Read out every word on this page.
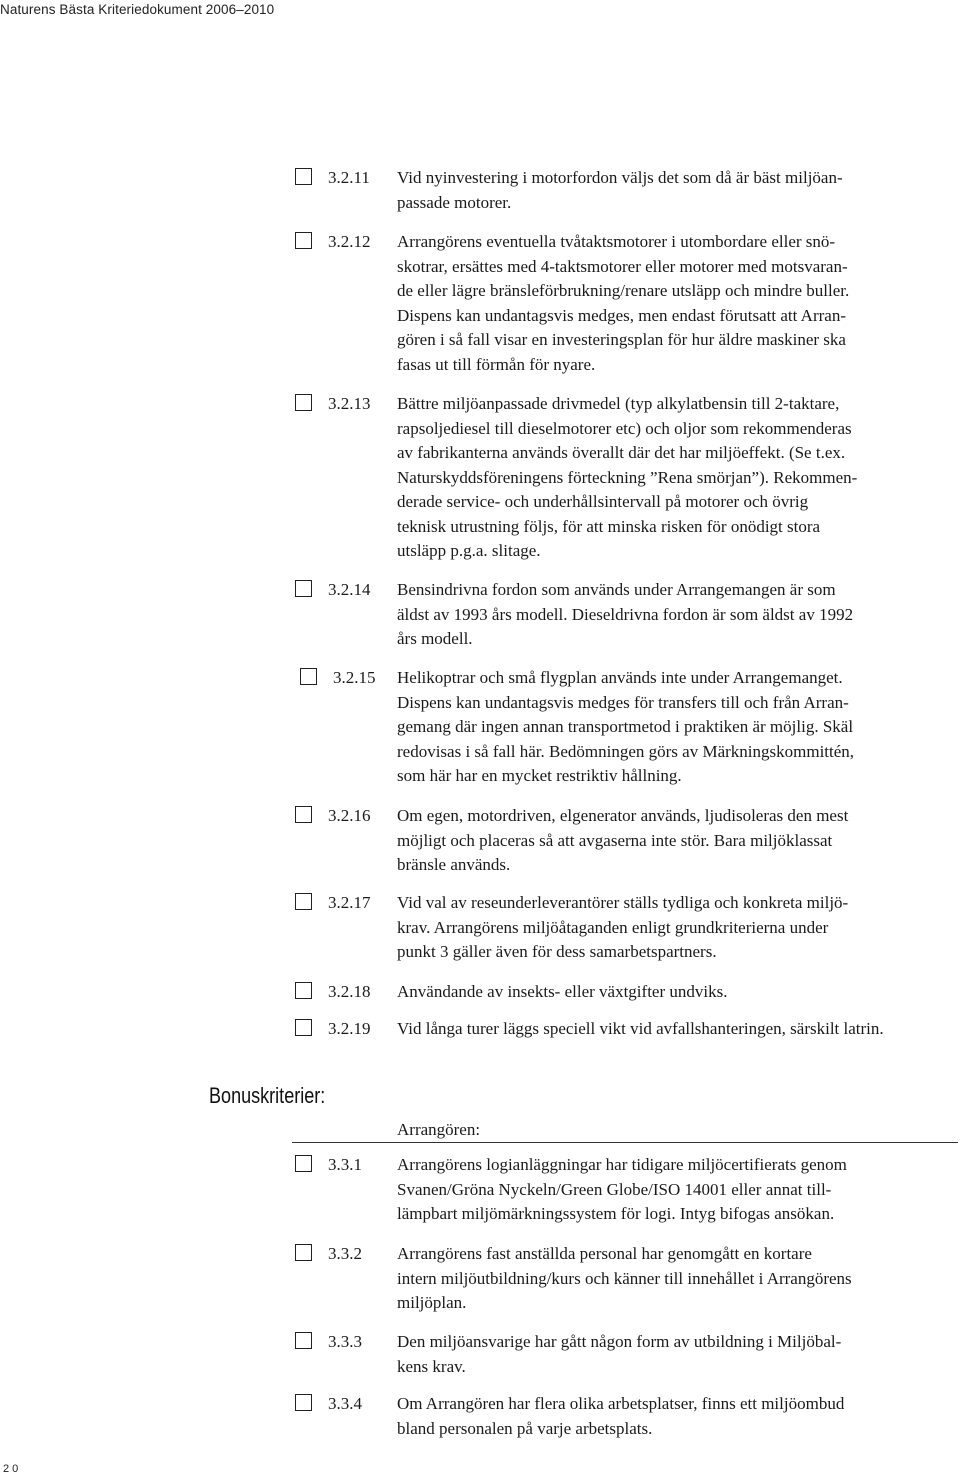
Naturens Bästa Kriteriedokument 2006–2010
3.2.11 Vid nyinvestering i motorfordon väljs det som då är bäst miljöan-
passade motorer.
3.2.12 Arrangörens eventuella tvåtaktsmotorer i utombordare eller snö-
skotrar, ersättes med 4-taktsmotorer eller motorer med motsvaran-
de eller lägre bränsleförbrukning/renare utsläpp och mindre buller.
Dispens kan undantagsvis medges, men endast förutsatt att Arran-
gören i så fall visar en investeringsplan för hur äldre maskiner ska
fasas ut till förmån för nyare.
3.2.13 Bättre miljöanpassade drivmedel (typ alkylatbensin till 2-taktare,
rapsoljediesel till dieselmotorer etc) och oljor som rekommenderas
av fabrikanterna används överallt där det har miljöeffekt. (Se t.ex.
Naturskyddsföreningens förteckning ”Rena smörjan”). Rekommen-
derade service- och underhållsintervall på motorer och övrig
teknisk utrustning följs, för att minska risken för onödigt stora
utsläpp p.g.a. slitage.
3.2.14 Bensindrivna fordon som används under Arrangemangen är som
äldst av 1993 års modell. Dieseldrivna fordon är som äldst av 1992
års modell.
3.2.15 Helikoptrar och små flygplan används inte under Arrangemanget.
Dispens kan undantagsvis medges för transfers till och från Arran-
gemang där ingen annan transportmetod i praktiken är möjlig. Skäl
redovisas i så fall här. Bedömningen görs av Märkningskommittén,
som här har en mycket restriktiv hållning.
3.2.16 Om egen, motordriven, elgenerator används, ljudisoleras den mest
möjligt och placeras så att avgaserna inte stör. Bara miljöklassat
bränsle används.
3.2.17 Vid val av reseunderleverantörer ställs tydliga och konkreta miljö-
krav. Arrangörens miljöåtaganden enligt grundkriterierna under
punkt 3 gäller även för dess samarbetspartners.
3.2.18 Användande av insekts- eller växtgifter undviks.
3.2.19 Vid långa turer läggs speciell vikt vid avfallshanteringen, särskilt latrin.
Bonuskriterier:
Arrangören:
3.3.1 Arrangörens logianläggningar har tidigare miljöcertifierats genom
Svanen/Gröna Nyckeln/Green Globe/ISO 14001 eller annat till-
lämpbart miljömärkningssystem för logi. Intyg bifogas ansökan.
3.3.2 Arrangörens fast anställda personal har genomgått en kortare
intern miljöutbildning/kurs och känner till innehållet i Arrangörens
miljöplan.
3.3.3 Den miljöansvarige har gått någon form av utbildning i Miljöbal-
kens krav.
3.3.4 Om Arrangören har flera olika arbetsplatser, finns ett miljöombud
bland personalen på varje arbetsplats.
20
